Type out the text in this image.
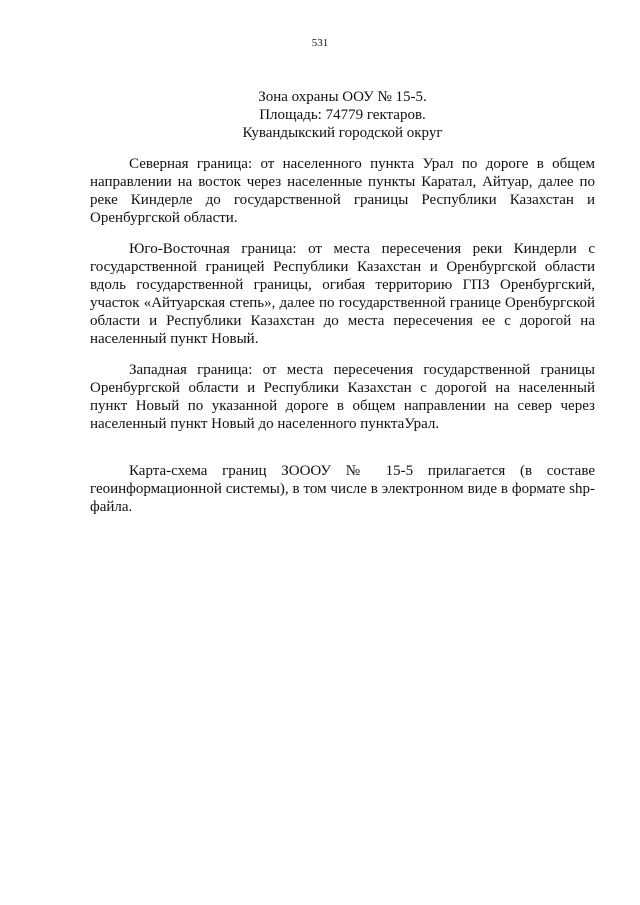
531
Зона охраны ООУ № 15-5.
Площадь: 74779 гектаров.
Кувандыкский городской округ

Северная граница: от населенного пункта Урал по дороге в общем направлении на восток через населенные пункты Каратал, Айтуар, далее по реке Киндерле до государственной границы Республики Казахстан и Оренбургской области.

Юго-Восточная граница: от места пересечения реки Киндерли с государственной границей Республики Казахстан и Оренбургской области вдоль государственной границы, огибая территорию ГПЗ Оренбургский, участок «Айтуарская степь», далее по государственной границе Оренбургской области и Республики Казахстан до места пересечения ее с дорогой на населенный пункт Новый.

Западная граница: от места пересечения государственной границы Оренбургской области и Республики Казахстан с дорогой на населенный пункт Новый по указанной дороге в общем направлении на север через населенный пункт Новый до населенного пунктаУрал.

Карта-схема границ ЗОООУ № 15-5 прилагается (в составе геоинформационной системы), в том числе в электронном виде в формате shp-файла.
